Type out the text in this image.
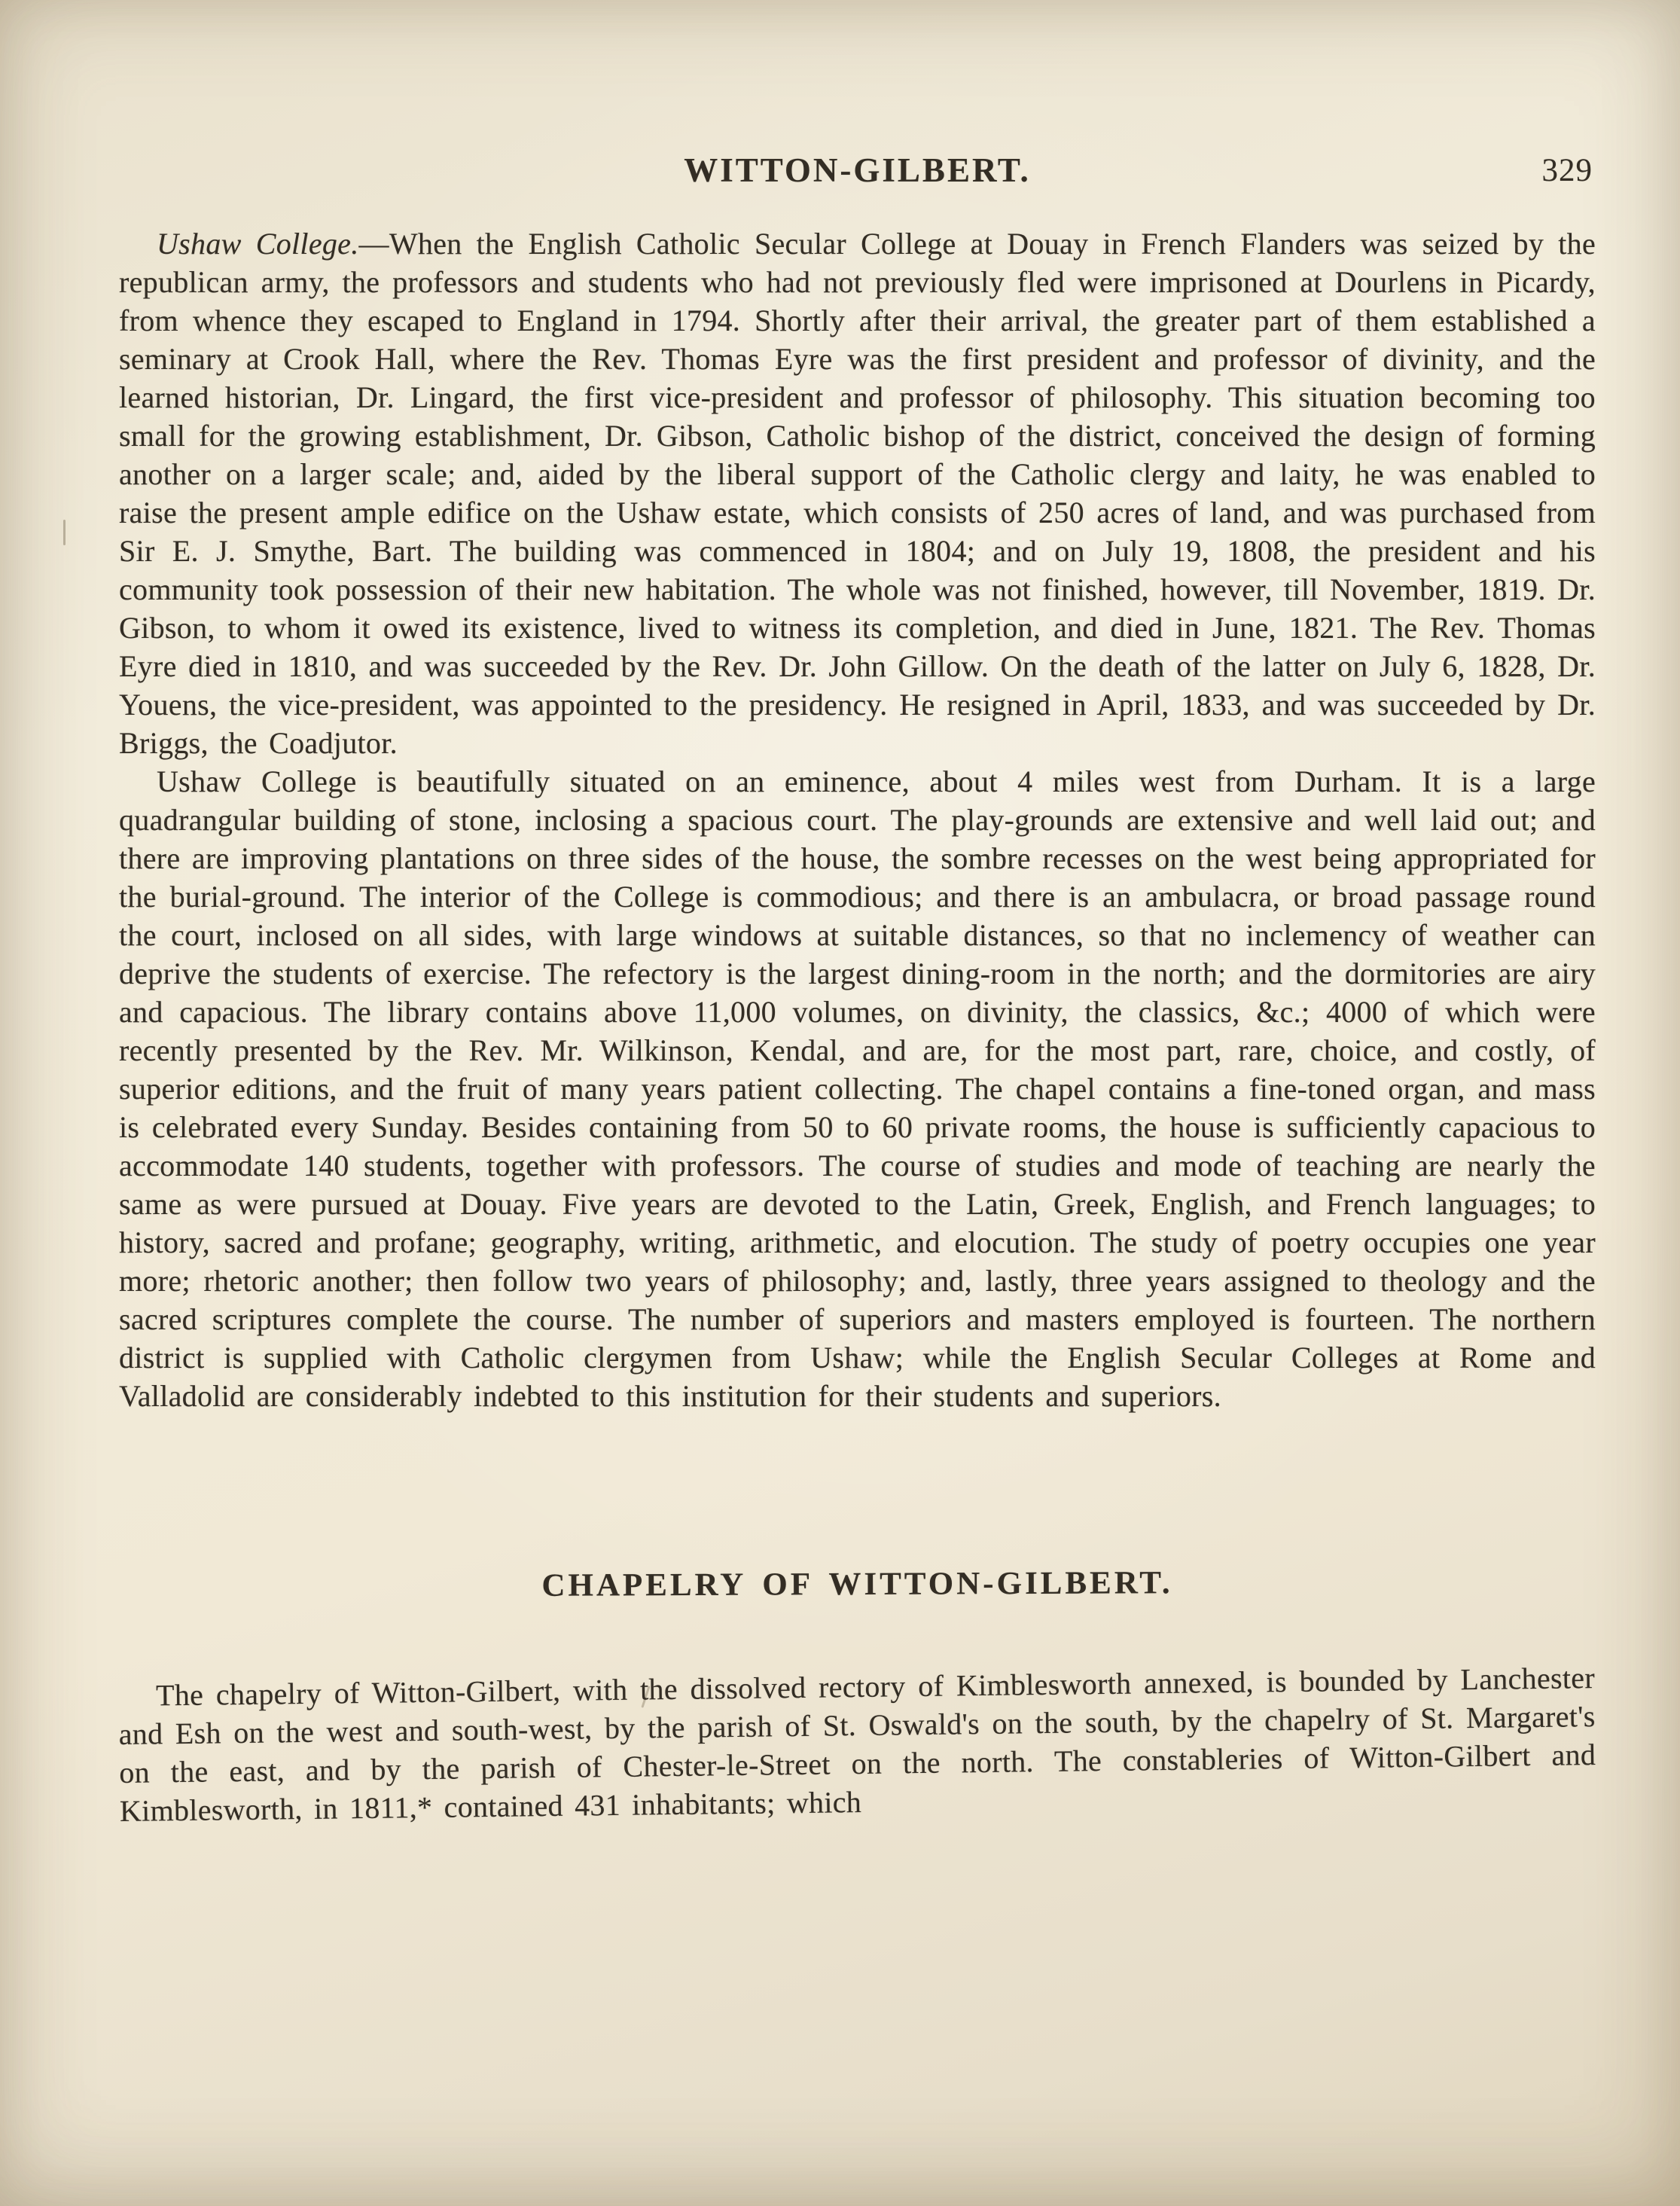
WITTON-GILBERT.	329

Ushaw College.—When the English Catholic Secular College at Douay in French Flanders was seized by the republican army, the professors and students who had not previously fled were imprisoned at Dourlens in Picardy, from whence they escaped to England in 1794. Shortly after their arrival, the greater part of them established a seminary at Crook Hall, where the Rev. Thomas Eyre was the first president and professor of divinity, and the learned historian, Dr. Lingard, the first vice-president and professor of philosophy. This situation becoming too small for the growing establishment, Dr. Gibson, Catholic bishop of the district, conceived the design of forming another on a larger scale; and, aided by the liberal support of the Catholic clergy and laity, he was enabled to raise the present ample edifice on the Ushaw estate, which consists of 250 acres of land, and was purchased from Sir E. J. Smythe, Bart. The building was commenced in 1804; and on July 19, 1808, the president and his community took possession of their new habitation. The whole was not finished, however, till November, 1819. Dr. Gibson, to whom it owed its existence, lived to witness its completion, and died in June, 1821. The Rev. Thomas Eyre died in 1810, and was succeeded by the Rev. Dr. John Gillow. On the death of the latter on July 6, 1828, Dr. Youens, the vice-president, was appointed to the presidency. He resigned in April, 1833, and was succeeded by Dr. Briggs, the Coadjutor.

Ushaw College is beautifully situated on an eminence, about 4 miles west from Durham. It is a large quadrangular building of stone, inclosing a spacious court. The play-grounds are extensive and well laid out; and there are improving plantations on three sides of the house, the sombre recesses on the west being appropriated for the burial-ground. The interior of the College is commodious; and there is an ambulacra, or broad passage round the court, inclosed on all sides, with large windows at suitable distances, so that no inclemency of weather can deprive the students of exercise. The refectory is the largest dining-room in the north; and the dormitories are airy and capacious. The library contains above 11,000 volumes, on divinity, the classics, &c.; 4000 of which were recently presented by the Rev. Mr. Wilkinson, Kendal, and are, for the most part, rare, choice, and costly, of superior editions, and the fruit of many years patient collecting. The chapel contains a fine-toned organ, and mass is celebrated every Sunday. Besides containing from 50 to 60 private rooms, the house is sufficiently capacious to accommodate 140 students, together with professors. The course of studies and mode of teaching are nearly the same as were pursued at Douay. Five years are devoted to the Latin, Greek, English, and French languages; to history, sacred and profane; geography, writing, arithmetic, and elocution. The study of poetry occupies one year more; rhetoric another; then follow two years of philosophy; and, lastly, three years assigned to theology and the sacred scriptures complete the course. The number of superiors and masters employed is fourteen. The northern district is supplied with Catholic clergymen from Ushaw; while the English Secular Colleges at Rome and Valladolid are considerably indebted to this institution for their students and superiors.

CHAPELRY OF WITTON-GILBERT.

The chapelry of Witton-Gilbert, with the dissolved rectory of Kimblesworth annexed, is bounded by Lanchester and Esh on the west and south-west, by the parish of St. Oswald's on the south, by the chapelry of St. Margaret's on the east, and by the parish of Chester-le-Street on the north. The constableries of Witton-Gilbert and Kimblesworth, in 1811,* contained 431 inhabitants; which
